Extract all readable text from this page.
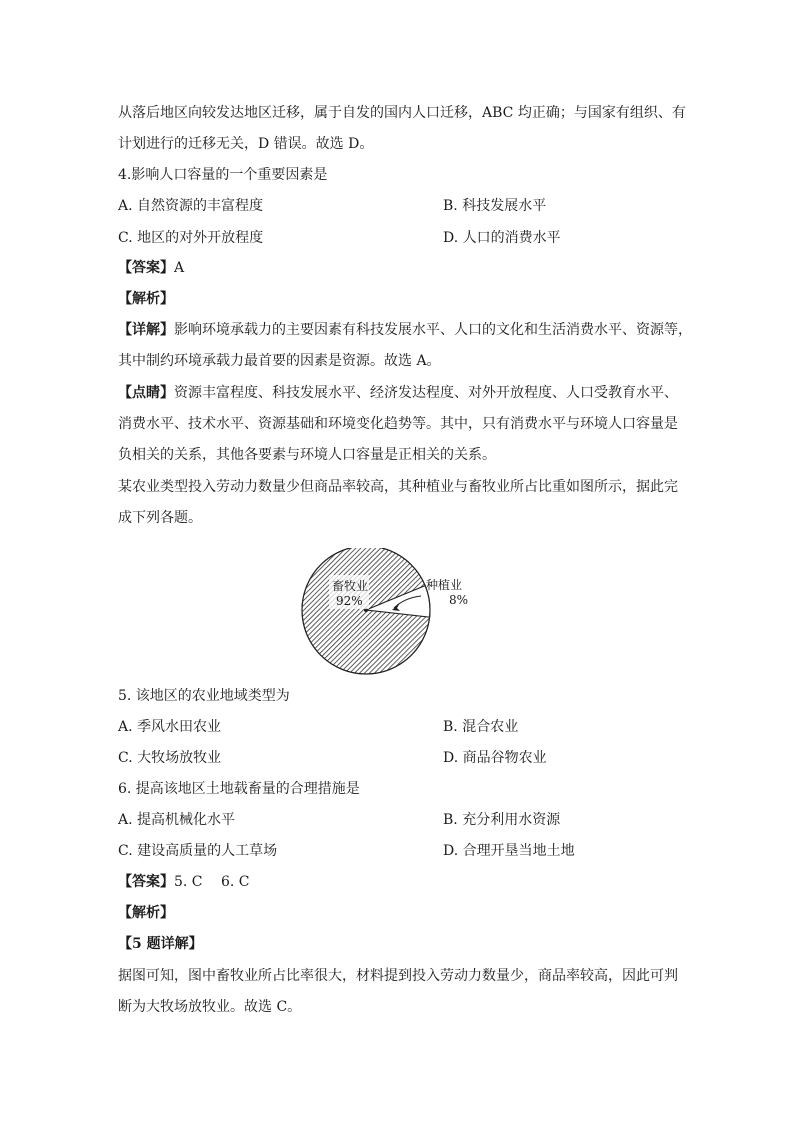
从落后地区向较发达地区迁移，属于自发的国内人口迁移，ABC 均正确；与国家有组织、有
计划进行的迁移无关，D 错误。故选 D。
4.影响人口容量的一个重要因素是
A. 自然资源的丰富程度	B. 科技发展水平
C. 地区的对外开放程度	D. 人口的消费水平
【答案】A
【解析】
【详解】影响环境承载力的主要因素有科技发展水平、人口的文化和生活消费水平、资源等，
其中制约环境承载力最首要的因素是资源。故选 A。
【点睛】资源丰富程度、科技发展水平、经济发达程度、对外开放程度、人口受教育水平、
消费水平、技术水平、资源基础和环境变化趋势等。其中，只有消费水平与环境人口容量是
负相关的关系，其他各要素与环境人口容量是正相关的关系。
某农业类型投入劳动力数量少但商品率较高，其种植业与畜牧业所占比重如图所示，据此完
成下列各题。
畜牧业
92%
种植业
8%
5. 该地区的农业地域类型为
A. 季风水田农业	B. 混合农业
C. 大牧场放牧业	D. 商品谷物农业
6. 提高该地区土地载畜量的合理措施是
A. 提高机械化水平	B. 充分利用水资源
C. 建设高质量的人工草场	D. 合理开垦当地土地
【答案】5. C　 6. C
【解析】
【5 题详解】
据图可知，图中畜牧业所占比率很大，材料提到投入劳动力数量少，商品率较高，因此可判
断为大牧场放牧业。故选 C。
